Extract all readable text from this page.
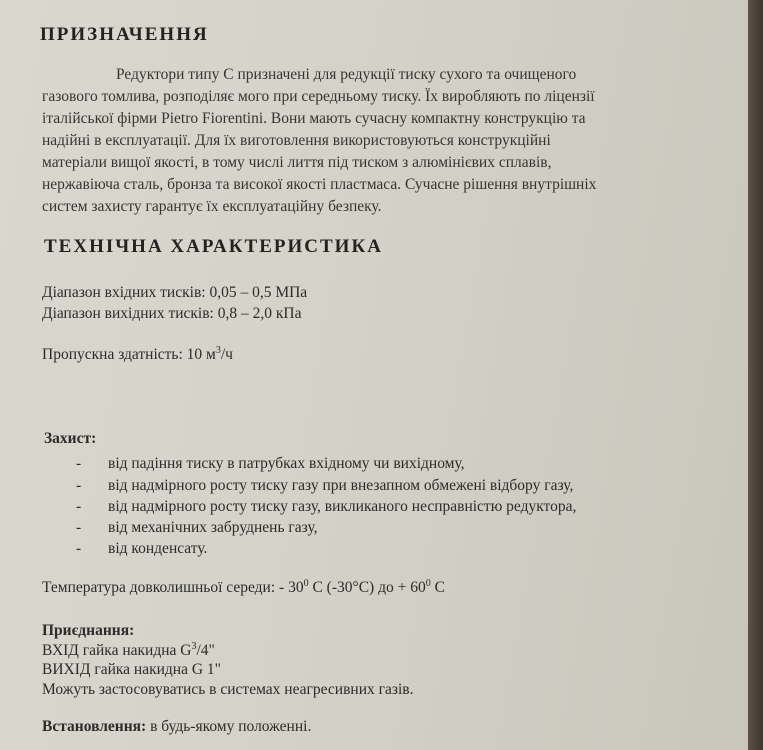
ПРИЗНАЧЕННЯ
Редуктори типу С призначені для редукції тиску сухого та очищеного
газового томлива, розподіляє мого при середньому тиску. Їх виробляють по ліцензії
італійської фірми Pietro Fiorentini. Вони мають сучасну компактну конструкцію та
надійні в експлуатації. Для їх виготовлення використовуються конструкційні
матеріали вищої якості, в тому числі лиття під тиском з алюмінієвих сплавів,
нержавіюча сталь, бронза та високої якості пластмаса. Сучасне рішення внутрішніх
систем захисту гарантує їх експлуатаційну безпеку.
ТЕХНІЧНА ХАРАКТЕРИСТИКА
Діапазон вхідних тисків: 0,05 – 0,5 МПа
Діапазон вихідних тисків: 0,8 – 2,0 кПа
Пропускна здатність: 10 $м^3/ч$
Захист:
- від падіння тиску в патрубках вхідному чи вихідному,
- від надмірного росту тиску газу при внезапном обмежені відбору газу,
- від надмірного росту тиску газу, викликаного несправністю редуктора,
- від механічних забруднень газу,
- від конденсату.
Температура довколишньої середи: - $30^0$ С (-30°С) до + $60^0$ С
Приєднання:
ВХІД гайка накидна $G^3/4$"
ВИХІД гайка накидна G 1"
Можуть застосовуватись в системах неагресивних газів.
Встановлення: в будь-якому положенні.
